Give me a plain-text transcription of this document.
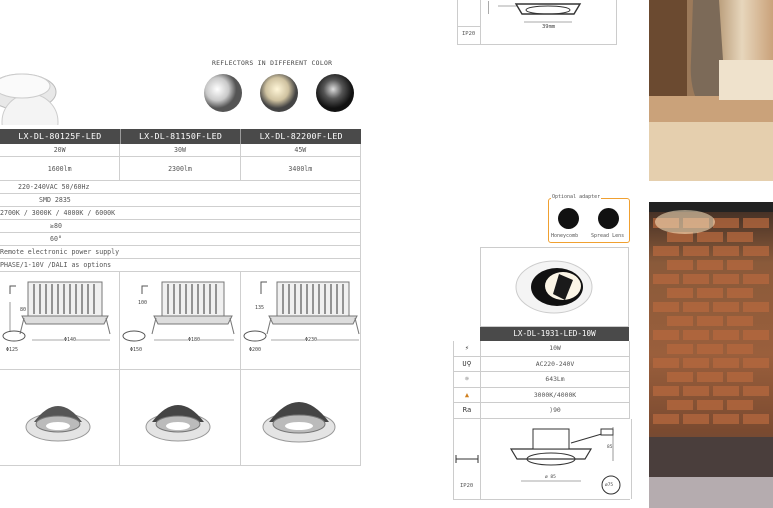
REFLECTORS IN DIFFERENT COLOR
LX-DL-80125F-LED	LX-DL-81150F-LED	LX-DL-82200F-LED
20W	30W	45W
1600lm	2300lm	3400lm
220-240VAC 50/60Hz
SMD 2835
2700K / 3000K / 4000K / 6000K
≥80
60°
Remote electronic power supply
PHASE/1-10V /DALI as options
80
Φ140
Φ125
100
Φ180
Φ150
135
Φ230
Φ200
IP20
39mm
Optional adapter
Honeycomb	Spread Lens
LX-DL-1931-LED-10W
⚡	10W
U⚲	AC220-240V
☼	643Lm
▲	3000K/4000K
Ra	⟩90
IP20
ø 85
85
ø75
